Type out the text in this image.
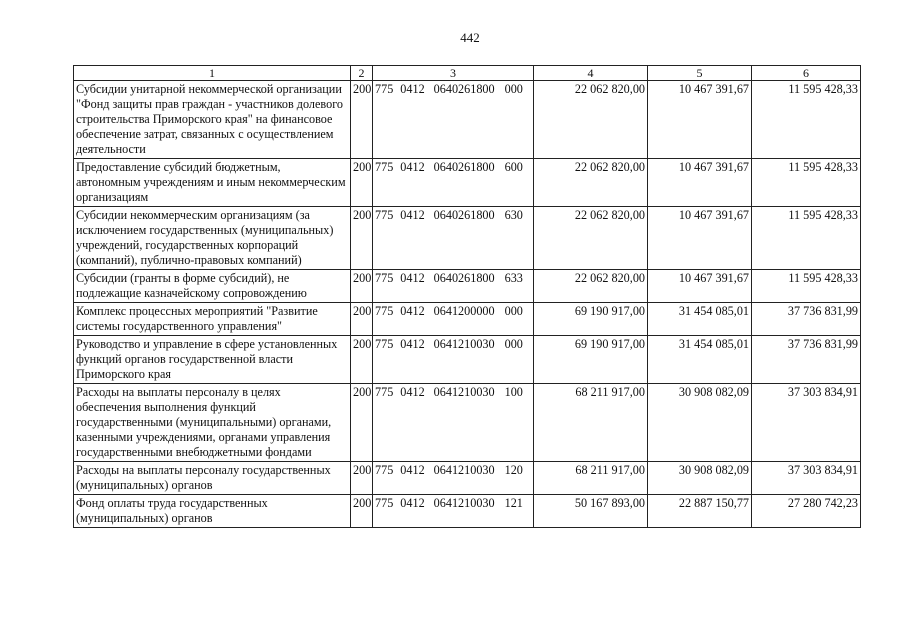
442
1	2	3	4	5	6
Субсидии унитарной некоммерческой организации "Фонд защиты прав граждан - участников долевого строительства Приморского края" на финансовое обеспечение затрат, связанных с осуществлением деятельности	200	775 0412 0640261800 000	22 062 820,00	10 467 391,67	11 595 428,33
Предоставление субсидий бюджетным, автономным учреждениям и иным некоммерческим организациям	200	775 0412 0640261800 600	22 062 820,00	10 467 391,67	11 595 428,33
Субсидии некоммерческим организациям (за исключением государственных (муниципальных) учреждений, государственных корпораций (компаний), публично-правовых компаний)	200	775 0412 0640261800 630	22 062 820,00	10 467 391,67	11 595 428,33
Субсидии (гранты в форме субсидий), не подлежащие казначейскому сопровождению	200	775 0412 0640261800 633	22 062 820,00	10 467 391,67	11 595 428,33
Комплекс процессных мероприятий "Развитие системы государственного управления"	200	775 0412 0641200000 000	69 190 917,00	31 454 085,01	37 736 831,99
Руководство и управление в сфере установленных функций органов государственной власти Приморского края	200	775 0412 0641210030 000	69 190 917,00	31 454 085,01	37 736 831,99
Расходы на выплаты персоналу в целях обеспечения выполнения функций государственными (муниципальными) органами, казенными учреждениями, органами управления государственными внебюджетными фондами	200	775 0412 0641210030 100	68 211 917,00	30 908 082,09	37 303 834,91
Расходы на выплаты персоналу государственных (муниципальных) органов	200	775 0412 0641210030 120	68 211 917,00	30 908 082,09	37 303 834,91
Фонд оплаты труда государственных (муниципальных) органов	200	775 0412 0641210030 121	50 167 893,00	22 887 150,77	27 280 742,23
